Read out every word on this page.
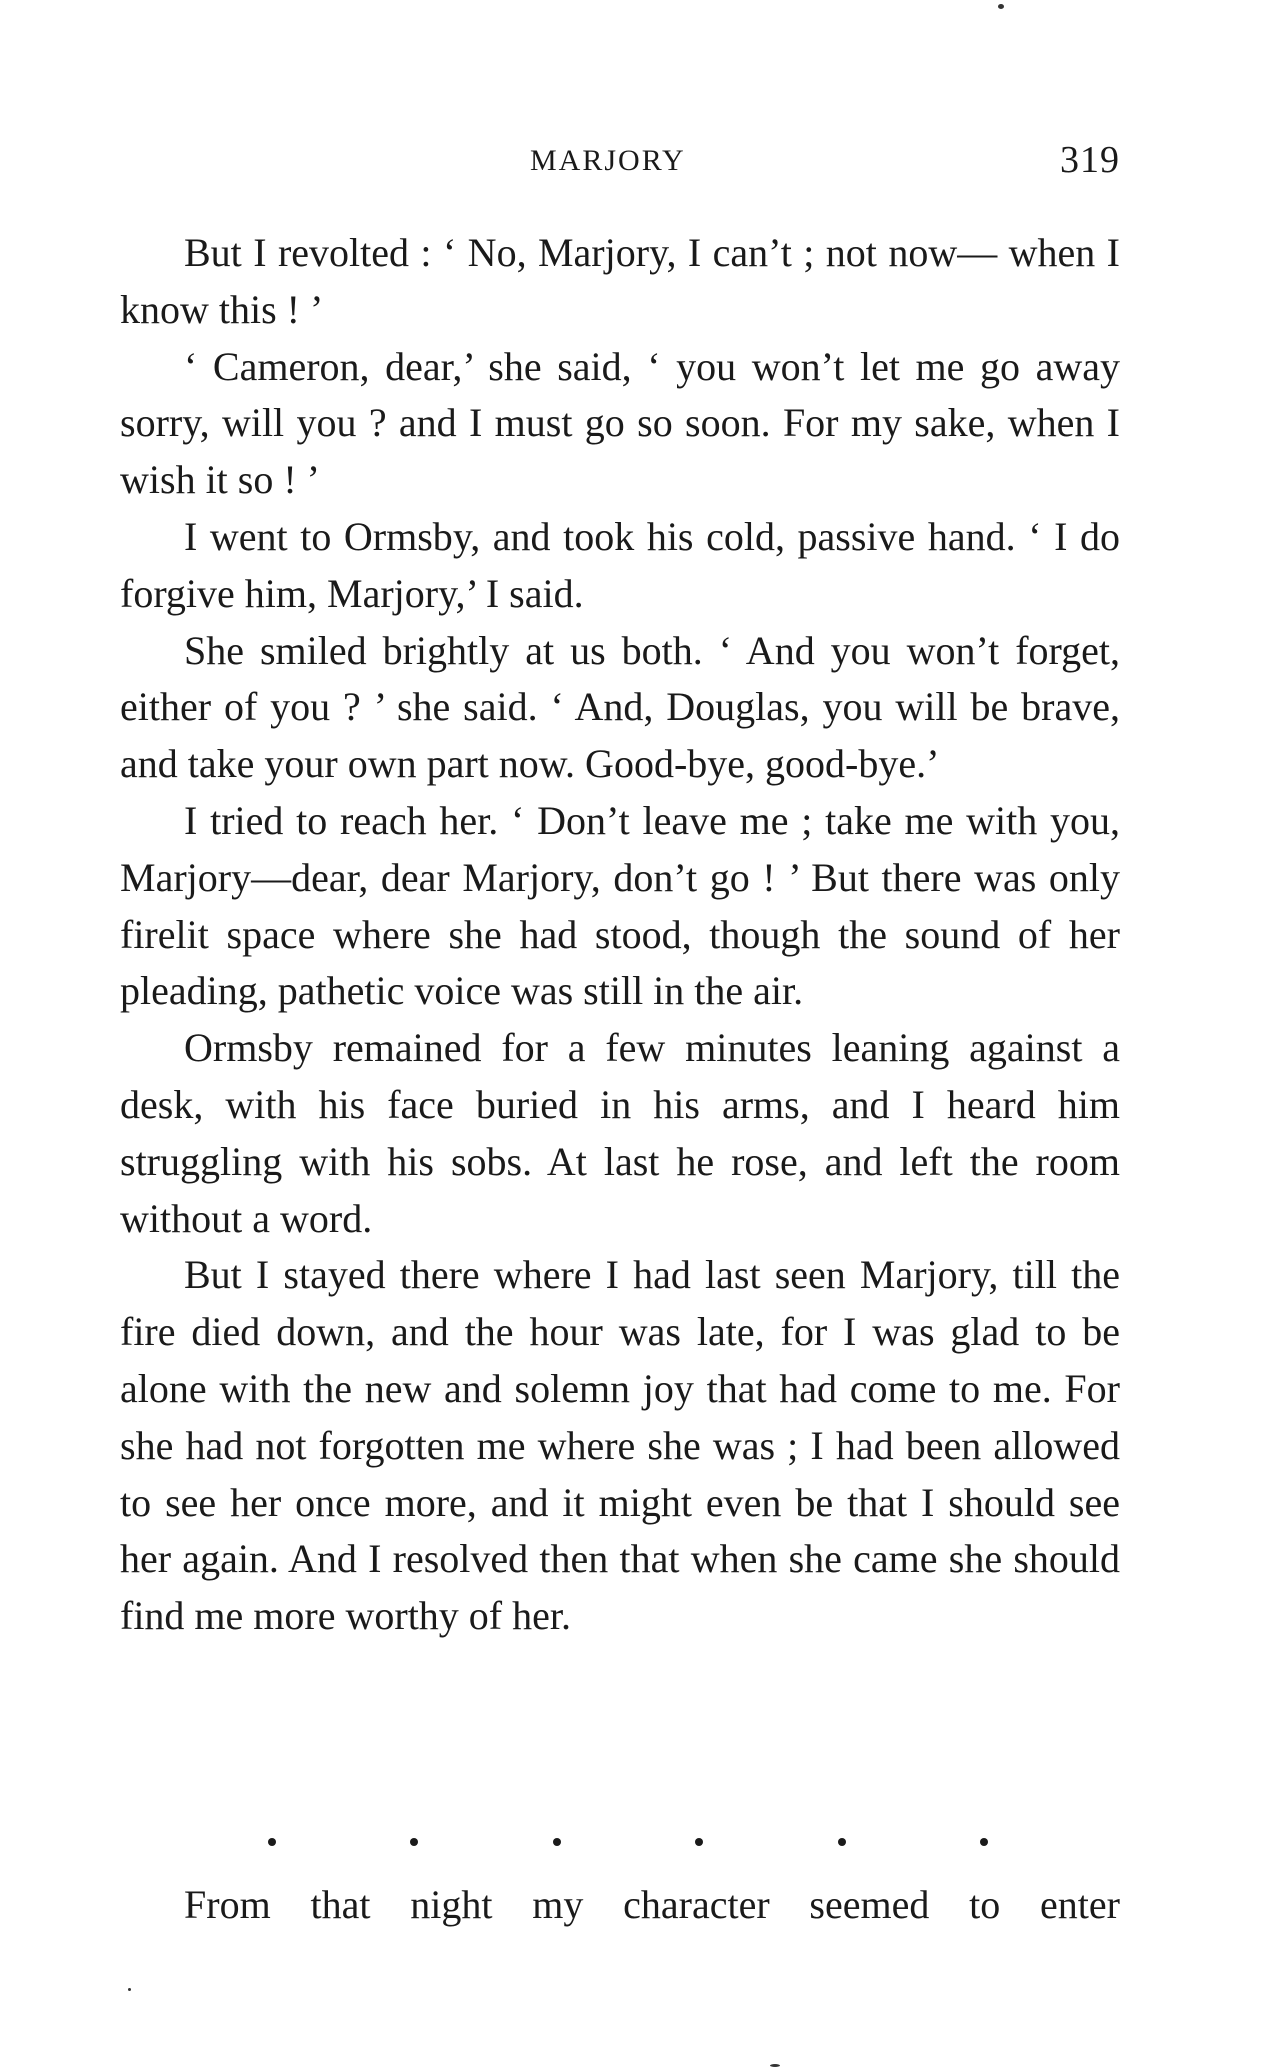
MARJORY	319

But I revolted : ‘ No, Marjory, I can’t ; not now— when I know this ! ’

‘ Cameron, dear,’ she said, ‘ you won’t let me go away sorry, will you ? and I must go so soon. For my sake, when I wish it so ! ’

I went to Ormsby, and took his cold, passive hand. ‘ I do forgive him, Marjory,’ I said.

She smiled brightly at us both. ‘ And you won’t forget, either of you ? ’ she said. ‘ And, Douglas, you will be brave, and take your own part now. Good-bye, good-bye.’

I tried to reach her. ‘ Don’t leave me ; take me with you, Marjory—dear, dear Marjory, don’t go ! ’ But there was only firelit space where she had stood, though the sound of her pleading, pathetic voice was still in the air.

Ormsby remained for a few minutes leaning against a desk, with his face buried in his arms, and I heard him struggling with his sobs. At last he rose, and left the room without a word.

But I stayed there where I had last seen Marjory, till the fire died down, and the hour was late, for I was glad to be alone with the new and solemn joy that had come to me. For she had not forgotten me where she was ; I had been allowed to see her once more, and it might even be that I should see her again. And I resolved then that when she came she should find me more worthy of her.

From that night my character seemed to enter
